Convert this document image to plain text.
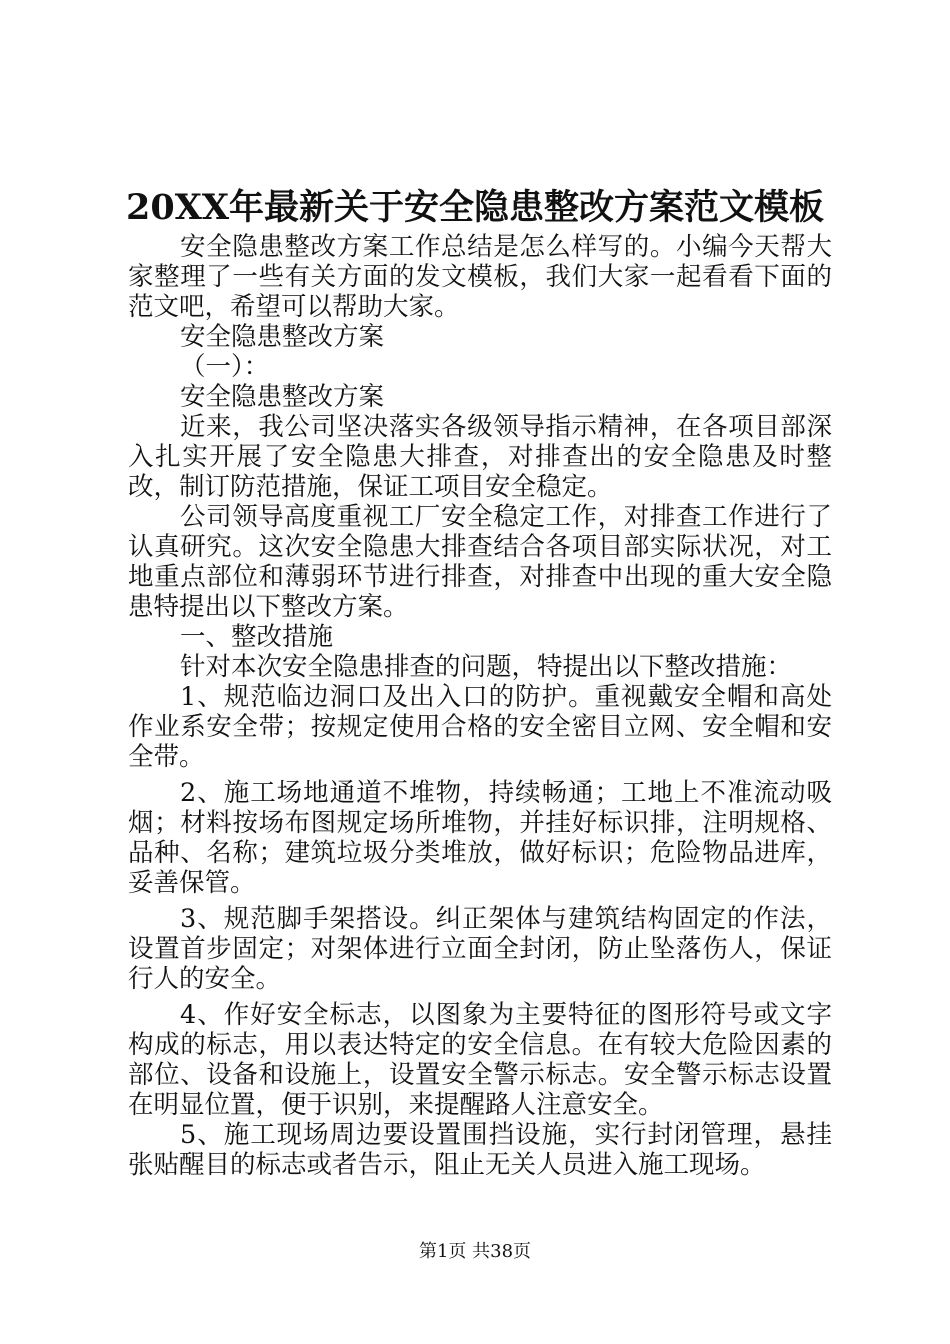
20XX年最新关于安全隐患整改方案范文模板

安全隐患整改方案工作总结是怎么样写的。小编今天帮大家整理了一些有关方面的发文模板，我们大家一起看看下面的范文吧，希望可以帮助大家。

安全隐患整改方案

（一）：

安全隐患整改方案

近来，我公司坚决落实各级领导指示精神，在各项目部深入扎实开展了安全隐患大排查，对排查出的安全隐患及时整改，制订防范措施，保证工项目安全稳定。

公司领导高度重视工厂安全稳定工作，对排查工作进行了认真研究。这次安全隐患大排查结合各项目部实际状况，对工地重点部位和薄弱环节进行排查，对排查中出现的重大安全隐患特提出以下整改方案。

一、整改措施

针对本次安全隐患排查的问题，特提出以下整改措施：

1、规范临边洞口及出入口的防护。重视戴安全帽和高处作业系安全带；按规定使用合格的安全密目立网、安全帽和安全带。

2、施工场地通道不堆物，持续畅通；工地上不准流动吸烟；材料按场布图规定场所堆物，并挂好标识排，注明规格、品种、名称；建筑垃圾分类堆放，做好标识；危险物品进库，妥善保管。

3、规范脚手架搭设。纠正架体与建筑结构固定的作法，设置首步固定；对架体进行立面全封闭，防止坠落伤人，保证行人的安全。

4、作好安全标志，以图象为主要特征的图形符号或文字构成的标志，用以表达特定的安全信息。在有较大危险因素的部位、设备和设施上，设置安全警示标志。安全警示标志设置在明显位置，便于识别，来提醒路人注意安全。

5、施工现场周边要设置围挡设施，实行封闭管理，悬挂张贴醒目的标志或者告示，阻止无关人员进入施工现场。

第1页 共38页
